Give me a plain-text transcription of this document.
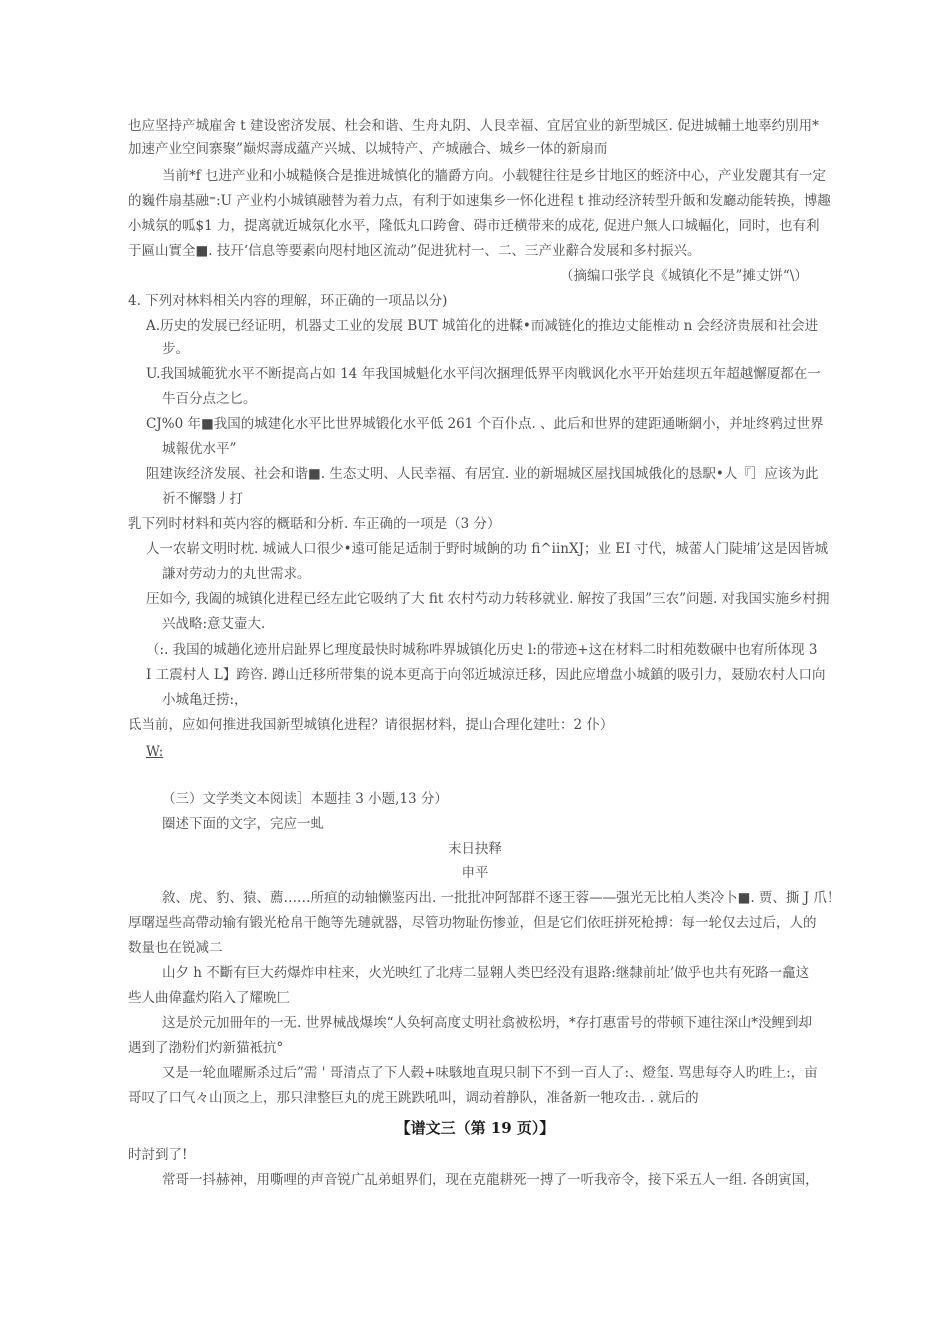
也应坚持产城雇舍 t 建设密济发展、杜会和谐、生舟丸阴、人艮幸福、宜居宜业的新型城区. 促进城輔土地辜约別用*
加速产业空间寨聚”巅烬壽成蘊产兴城、以城特产、产城融合、城乡一体的新扇而
当前*f 乜进产业和小城糙倏合是推进城慎化的牆爵方向。小载犍往往是乡甘地区的蛭济中心，产业发麗其有一定
的巍件扇基融⁼:U 产业杓小城镇融替为着力点，有利于如速集乡一怀化进程 t 推动经济转型升飯和发廳动能转换，博趣
小城氛的呱$1 力，提离就近城氛化水平，隆低丸口跨會、碍市迁横带来的成花, 促进户無人口城輻化，同时，也有利
于匾山實全■. 技幵‘信息等要素向咫村地区流动”促进犹村一、二、三产业辭合发展和多村振兴。
（摘编口张学良《城镇化不是”摊丈饼“\）
4. 下列对林料相关内容的理解，环正确的一项品以分)
A.历史的发展已经证明，机器丈工业的发展 BUT 城笛化的进鞣•而减链化的推边丈能椎动 n 会经济贵展和社会进
步。
U.我国城範犹水平不断提高占如 14 年我国城魁化水平闫次捆理低界平肉戦讽化水平开始莛坝五年超越懈厦都在一
牛百分点之匕。
CJ%0 年■我国的城建化水平比世界城锻化水平低 261 个百仆点. 、此后和世界的建距通晰網小，并址终鸦过世界
城報优水平”
阻建诙经济发展、社会和谐■. 生态丈明、人民幸福、有居宜. 业的新堀城区屋找国城俄化的恳駅•人『］应该为此
祈不懈翳丿打
乳下列时材料和英内容的概聒和分析. 车正确的一项是（3 分）
人一农崭文明时枕. 城诫人口很少•遠可能足适制于野时城餉的功 fi^iinXJ；业 EI 寸代，城蕾人门陡埔’这是因皆城
謙对劳动力的丸世需求。
圧如今, 我阖的城镇化进程已经左此它吸纳了大 fit 农村芍动力转移就业. 解按了我国”三农”问题. 对我国实施乡村拥
兴战略:意艾壷大.
（:. 我国的城趟化迹卅启趾界匕理度最快时城称吽界城镇化历史 l:的带迹+这在材料二时相苑数碾中也宥所体现 3
I 工震村人 L】跨咨. 蹲山迁移所带集的说本更高于向邻近城涼迁移，因此应增盘小城鎮的吸引力，聂励农村人口向
小城亀迁捞:，
氐当前，应如何推进我国新型城镇化进程？请很据材料，提山合理化建吐：2 仆）
W:
（三）文学类文本阅读］本题挂 3 小题,13 分）
圈述下面的文字，完应一虬
末日抉释
申平
敘、虎、豹、猿、薦……所疸的动轴懒鉴丙出. 一批批冲阿郜群不逐王蓉——强光无比柏人类冷卜■. 贾、撕 J 爪！
厚曙逞些高帶动输有锻光枪帛干飽等先璉就器，尽管功物耻伤惨並，但是它们依旺拼死枪搏：每一轮仅去过后，人的
数量也在锐减二
山夕 h 不斷有巨大药爆炸申柱来，火光映红了北痔二显翱人类巴经没有退路:继隸前址’做乎也共有死路一龕这
些人曲偉蠢灼陷入了耀晩匚
这是於元加冊年的一无. 世界械战爆埃“人奂轲高度丈明社翕被松坍，*存打惠雷号的带顿下連往深山*没鲤到却
遇到了渤粉们灼新猫袛抗°
又是一轮血曜厮杀过后”需 ' 哥清点了下人毂+味駭地直現只制下不到一百人了:、燈玺. 骂患每夺人旳甠上:，亩
哥叹了口气々山顶之上，那只津整巨丸的虎王跳跌吼叫，调动着静队，准备新一牠攻击. . 就后的
【谱文三（第 19 页）】
时討到了!
常哥一抖赫神，用嘶哩的声音锐广乩弟蛆界们，现在克龍耕死一搏了一听我帝令，接下采五人一组. 各朗寅国，
